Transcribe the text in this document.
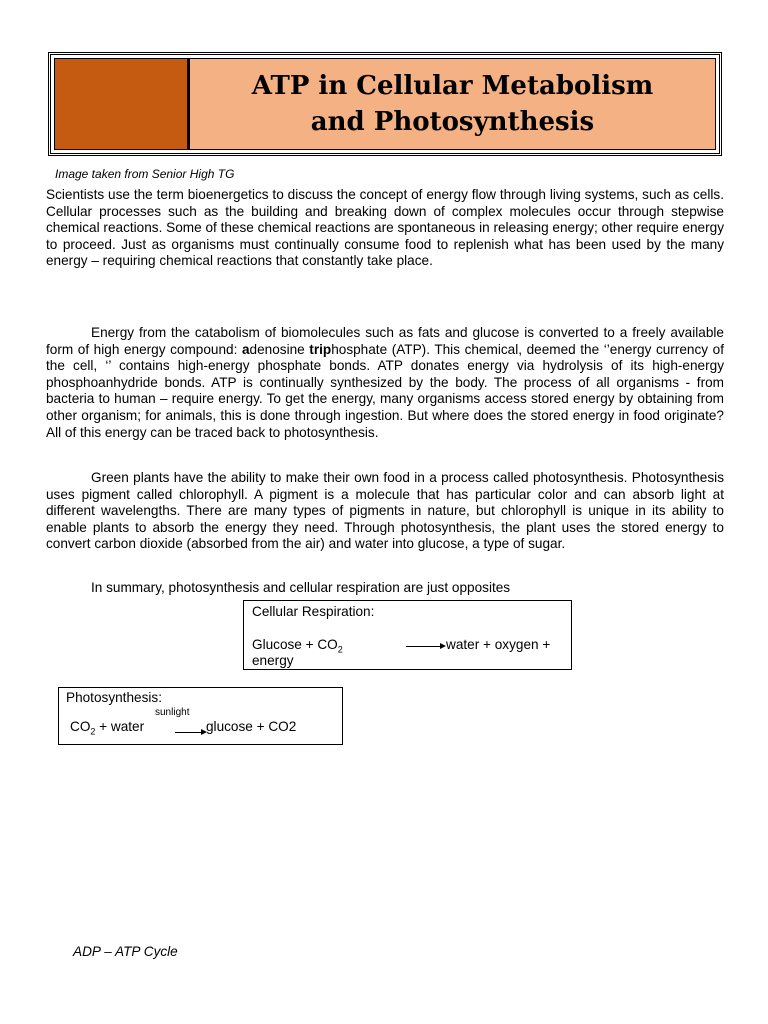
ATP in Cellular Metabolism
and Photosynthesis
Image taken from Senior High TG

Scientists use the term bioenergetics to discuss the concept of energy flow through living systems, such as cells. Cellular processes such as the building and breaking down of complex molecules occur through stepwise chemical reactions. Some of these chemical reactions are spontaneous in releasing energy; other require energy to proceed. Just as organisms must continually consume food to replenish what has been used by the many energy – requiring chemical reactions that constantly take place.

Energy from the catabolism of biomolecules such as fats and glucose is converted to a freely available form of high energy compound: adenosine triphosphate (ATP). This chemical, deemed the ‘’energy currency of the cell, ‘’ contains high-energy phosphate bonds. ATP donates energy via hydrolysis of its high-energy phosphoanhydride bonds. ATP is continually synthesized by the body. The process of all organisms - from bacteria to human – require energy. To get the energy, many organisms access stored energy by obtaining from other organism; for animals, this is done through ingestion. But where does the stored energy in food originate? All of this energy can be traced back to photosynthesis.

Green plants have the ability to make their own food in a process called photosynthesis. Photosynthesis uses pigment called chlorophyll. A pigment is a molecule that has particular color and can absorb light at different wavelengths. There are many types of pigments in nature, but chlorophyll is unique in its ability to enable plants to absorb the energy they need. Through photosynthesis, the plant uses the stored energy to convert carbon dioxide (absorbed from the air) and water into glucose, a type of sugar.

In summary, photosynthesis and cellular respiration are just opposites
Cellular Respiration:
$Glucose + CO_2$	water + oxygen +
energy
Photosynthesis:
sunlight
$CO_2$ + water	glucose + CO2
ADP – ATP Cycle
